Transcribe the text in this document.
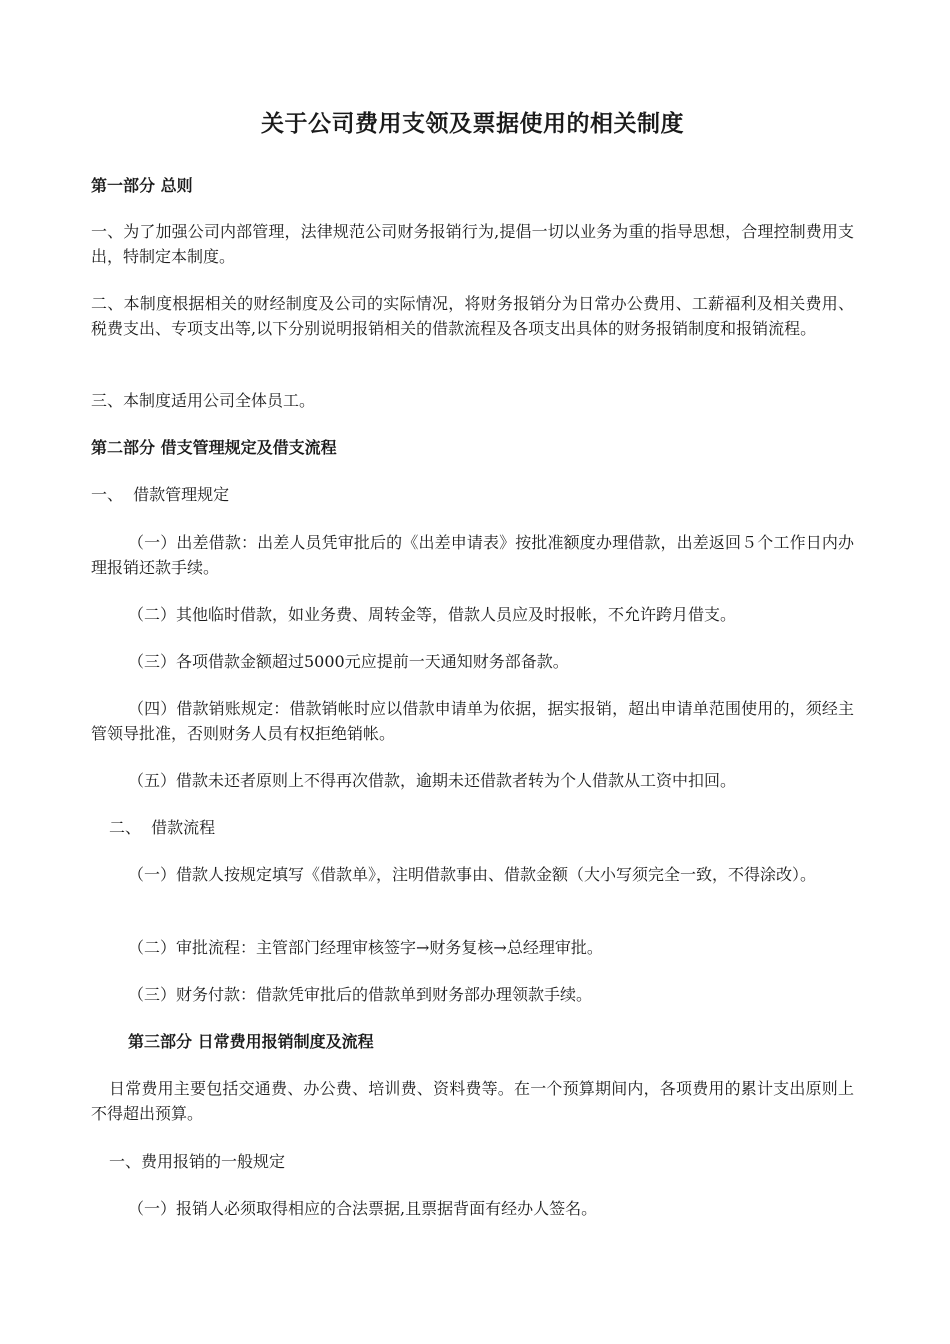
关于公司费用支领及票据使用的相关制度

第一部分 总则

一、为了加强公司内部管理，法律规范公司财务报销行为,提倡一切以业务为重的指导思想，合理控制费用支出，特制定本制度。

二、本制度根据相关的财经制度及公司的实际情况，将财务报销分为日常办公费用、工薪福利及相关费用、税费支出、专项支出等,以下分别说明报销相关的借款流程及各项支出具体的财务报销制度和报销流程。

三、本制度适用公司全体员工。

第二部分 借支管理规定及借支流程

一、  借款管理规定

（一）出差借款：出差人员凭审批后的《出差申请表》按批准额度办理借款，出差返回５个工作日内办理报销还款手续。

（二）其他临时借款，如业务费、周转金等，借款人员应及时报帐，不允许跨月借支。

（三）各项借款金额超过5000元应提前一天通知财务部备款。

（四）借款销账规定：借款销帐时应以借款申请单为依据，据实报销，超出申请单范围使用的，须经主管领导批准，否则财务人员有权拒绝销帐。

（五）借款未还者原则上不得再次借款，逾期未还借款者转为个人借款从工资中扣回。

二、  借款流程

（一）借款人按规定填写《借款单》，注明借款事由、借款金额（大小写须完全一致，不得涂改）。

（二）审批流程：主管部门经理审核签字→财务复核→总经理审批。

（三）财务付款：借款凭审批后的借款单到财务部办理领款手续。

第三部分 日常费用报销制度及流程

日常费用主要包括交通费、办公费、培训费、资料费等。在一个预算期间内，各项费用的累计支出原则上不得超出预算。

一、费用报销的一般规定

（一）报销人必须取得相应的合法票据,且票据背面有经办人签名。
